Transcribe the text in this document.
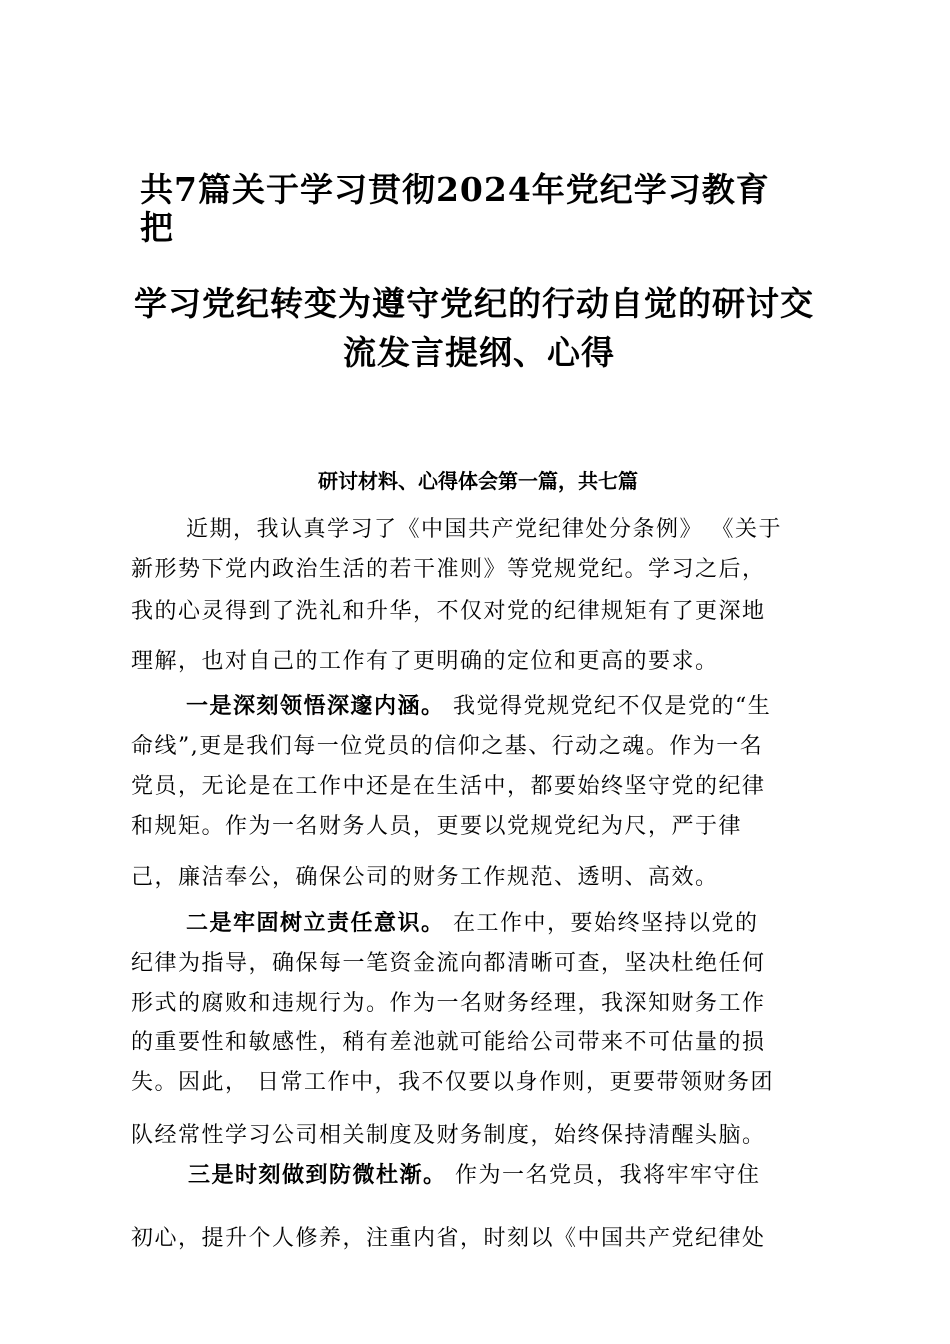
共7篇关于学习贯彻2024年党纪学习教育
把
学习党纪转变为遵守党纪的行动自觉的研讨交
流发言提纲、心得
研讨材料、心得体会第一篇，共七篇
近期，我认真学习了《中国共产党纪律处分条例》 《关于
新形势下党内政治生活的若干准则》等党规党纪。学习之后，
我的心灵得到了洗礼和升华，不仅对党的纪律规矩有了更深地
理解，也对自己的工作有了更明确的定位和更高的要求。
一是深刻领悟深邃内涵。 我觉得党规党纪不仅是党的“生
命线”,更是我们每一位党员的信仰之基、行动之魂。作为一名
党员，无论是在工作中还是在生活中，都要始终坚守党的纪律
和规矩。作为一名财务人员，更要以党规党纪为尺，严于律
己，廉洁奉公，确保公司的财务工作规范、透明、高效。
二是牢固树立责任意识。 在工作中，要始终坚持以党的
纪律为指导，确保每一笔资金流向都清晰可查，坚决杜绝任何
形式的腐败和违规行为。作为一名财务经理，我深知财务工作
的重要性和敏感性，稍有差池就可能给公司带来不可估量的损
失。因此， 日常工作中，我不仅要以身作则，更要带领财务团
队经常性学习公司相关制度及财务制度，始终保持清醒头脑。
三是时刻做到防微杜渐。 作为一名党员，我将牢牢守住
初心，提升个人修养，注重内省，时刻以《中国共产党纪律处
